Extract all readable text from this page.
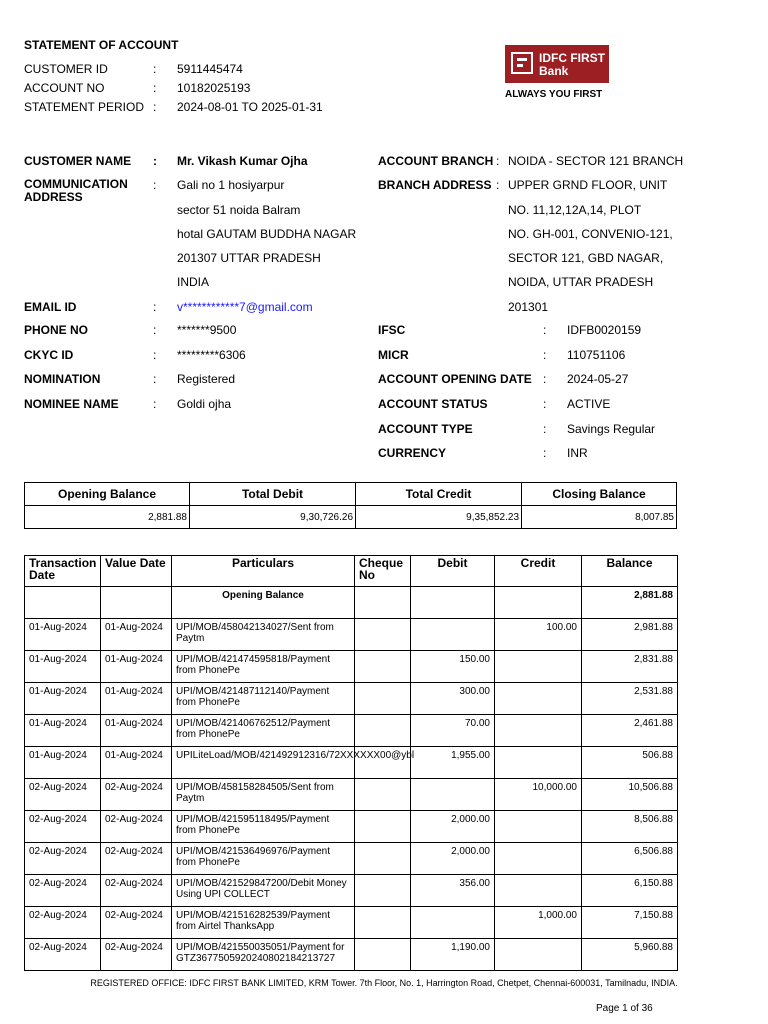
STATEMENT OF ACCOUNT
CUSTOMER ID	: 5911445474
ACCOUNT NO	: 10182025193
STATEMENT PERIOD : 2024-08-01 TO 2025-01-31
IDFC FIRST
Bank
ALWAYS YOU FIRST
CUSTOMER NAME : Mr. Vikash Kumar Ojha
COMMUNICATION
ADDRESS
: Gali no 1 hosiyarpur
sector 51 noida Balram
hotal GAUTAM BUDDHA NAGAR
201307 UTTAR PRADESH
INDIA
EMAIL ID	: v************7@gmail.com
PHONE NO	: *******9500
CKYC ID	: *********6306
NOMINATION	: Registered
NOMINEE NAME	: Goldi ojha
ACCOUNT BRANCH : NOIDA - SECTOR 121 BRANCH
BRANCH ADDRESS : UPPER GRND FLOOR, UNIT
NO. 11,12,12A,14, PLOT
NO. GH-001, CONVENIO-121,
SECTOR 121, GBD NAGAR,
NOIDA, UTTAR PRADESH
201301
IFSC	: IDFB0020159
MICR	: 110751106
ACCOUNT OPENING DATE : 2024-05-27
ACCOUNT STATUS	: ACTIVE
ACCOUNT TYPE	: Savings Regular
CURRENCY	: INR
Opening Balance	Total Debit	Total Credit	Closing Balance
2,881.88	9,30,726.26	9,35,852.23	8,007.85
Transaction Date	Value Date	Particulars	Cheque No	Debit	Credit	Balance
		Opening Balance				2,881.88
01-Aug-2024	01-Aug-2024	UPI/MOB/458042134027/Sent from Paytm			100.00	2,981.88
01-Aug-2024	01-Aug-2024	UPI/MOB/421474595818/Payment from PhonePe		150.00		2,831.88
01-Aug-2024	01-Aug-2024	UPI/MOB/421487112140/Payment from PhonePe		300.00		2,531.88
01-Aug-2024	01-Aug-2024	UPI/MOB/421406762512/Payment from PhonePe		70.00		2,461.88
01-Aug-2024	01-Aug-2024	UPILiteLoad/MOB/421492912316/72XXXXXX00@ybl		1,955.00		506.88
02-Aug-2024	02-Aug-2024	UPI/MOB/458158284505/Sent from Paytm			10,000.00	10,506.88
02-Aug-2024	02-Aug-2024	UPI/MOB/421595118495/Payment from PhonePe		2,000.00		8,506.88
02-Aug-2024	02-Aug-2024	UPI/MOB/421536496976/Payment from PhonePe		2,000.00		6,506.88
02-Aug-2024	02-Aug-2024	UPI/MOB/421529847200/Debit Money Using UPI COLLECT		356.00		6,150.88
02-Aug-2024	02-Aug-2024	UPI/MOB/421516282539/Payment from Airtel ThanksApp			1,000.00	7,150.88
02-Aug-2024	02-Aug-2024	UPI/MOB/421550035051/Payment for GTZ3677505920240802184213727		1,190.00		5,960.88
REGISTERED OFFICE: IDFC FIRST BANK LIMITED, KRM Tower. 7th Floor, No. 1, Harrington Road, Chetpet, Chennai-600031, Tamilnadu, INDIA.
Page 1 of 36
